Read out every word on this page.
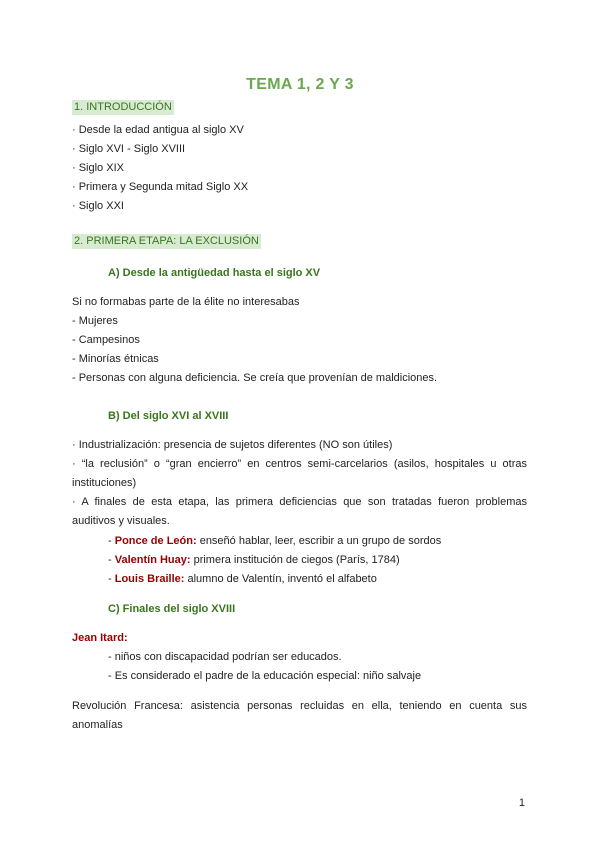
TEMA 1, 2 Y 3
1. INTRODUCCIÓN
· Desde la edad antigua al siglo XV
· Siglo XVI - Siglo XVIII
· Siglo XIX
· Primera y Segunda mitad Siglo XX
· Siglo XXI
2. PRIMERA ETAPA: LA EXCLUSIÓN
A) Desde la antigüedad hasta el siglo XV
Si no formabas parte de la élite no interesabas
- Mujeres
- Campesinos
- Minorías étnicas
- Personas con alguna deficiencia. Se creía que provenían de maldiciones.
B) Del siglo XVI al XVIII
· Industrialización: presencia de sujetos diferentes (NO son útiles)
· “la reclusión” o “gran encierro” en centros semi-carcelarios (asilos, hospitales u otras instituciones)
· A finales de esta etapa, las primera deficiencias que son tratadas fueron problemas auditivos y visuales.
- Ponce de León: enseñó hablar, leer, escribir a un grupo de sordos
- Valentín Huay: primera institución de ciegos (París, 1784)
- Louis Braille: alumno de Valentín, inventó el alfabeto
C) Finales del siglo XVIII
Jean Itard:
- niños con discapacidad podrían ser educados.
- Es considerado el padre de la educación especial: niño salvaje
Revolución Francesa: asistencia personas recluidas en ella, teniendo en cuenta sus anomalías
1
